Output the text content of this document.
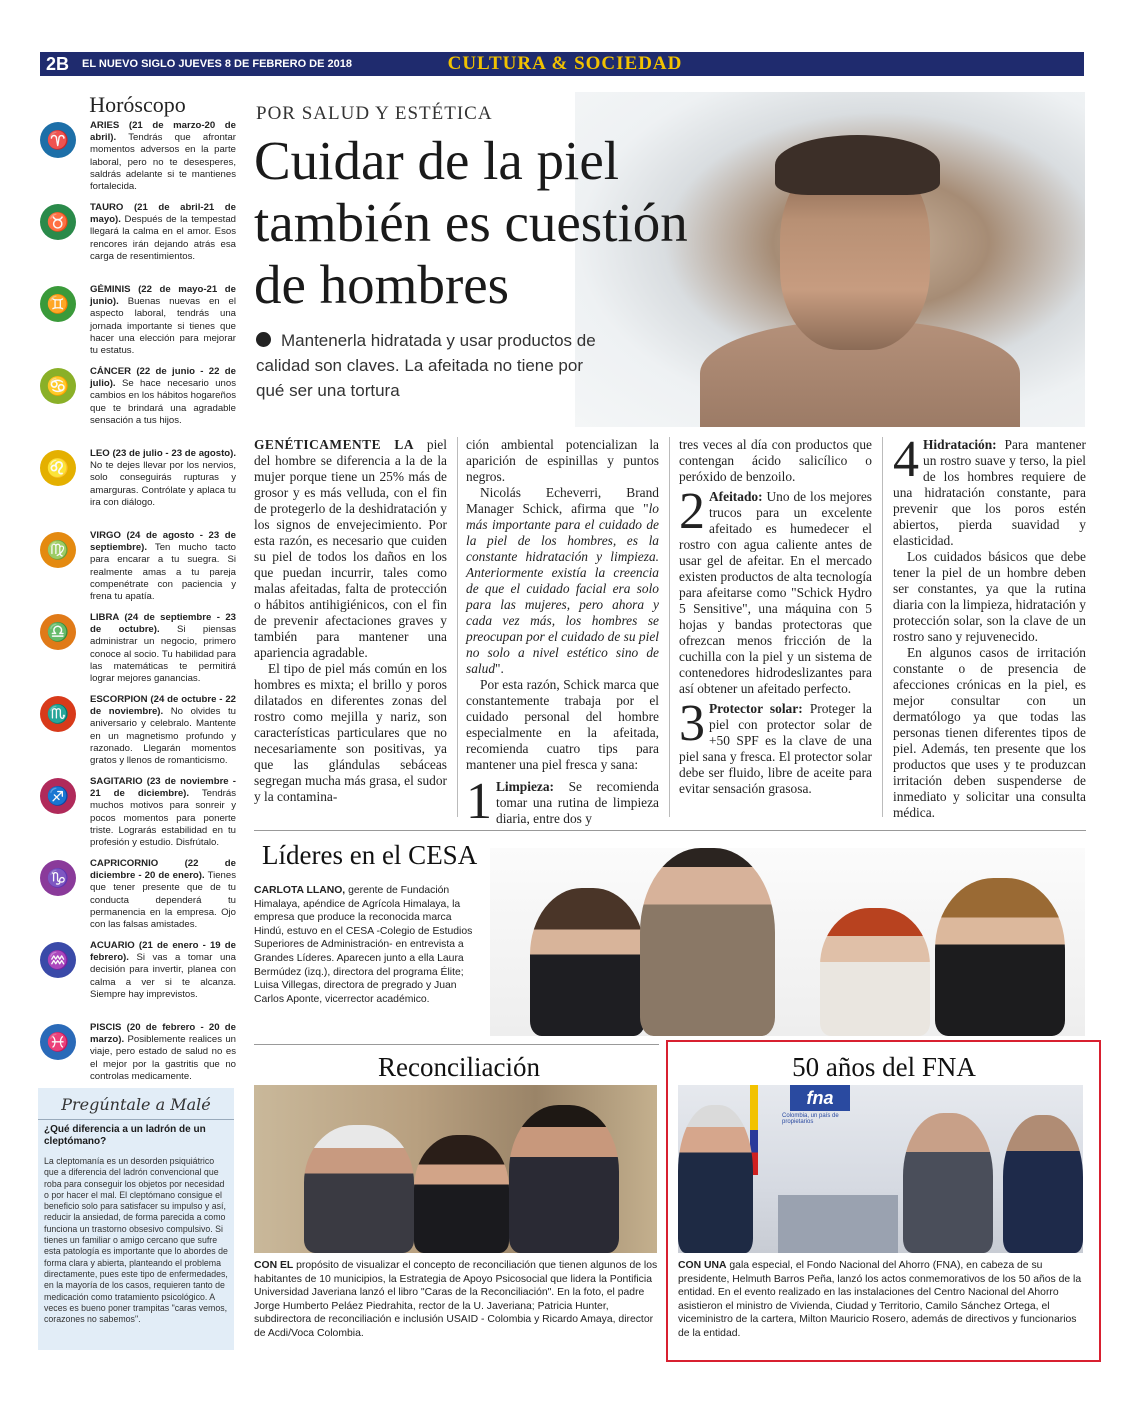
2B EL NUEVO SIGLO JUEVES 8 DE FEBRERO DE 2018	CULTURA & SOCIEDAD
Horóscopo
♈
ARIES (21 de marzo-20 de abril). Tendrás que afrontar momentos adversos en la parte laboral, pero no te desesperes, saldrás adelante si te mantienes fortalecida.
♉
TAURO (21 de abril-21 de mayo). Después de la tempestad llegará la calma en el amor. Esos rencores irán dejando atrás esa carga de resentimientos.
♊
GÉMINIS (22 de mayo-21 de junio). Buenas nuevas en el aspecto laboral, tendrás una jornada importante si tienes que hacer una elección para mejorar tu estatus.
♋
CÁNCER (22 de junio - 22 de julio). Se hace necesario unos cambios en los hábitos hogareños que te brindará una agradable sensación a tus hijos.
♌
LEO (23 de julio - 23 de agosto). No te dejes llevar por los nervios, solo conseguirás rupturas y amarguras. Contrólate y aplaca tu ira con diálogo.
♍
VIRGO (24 de agosto - 23 de septiembre). Ten mucho tacto para encarar a tu suegra. Si realmente amas a tu pareja compenétrate con paciencia y frena tu apatía.
♎
LIBRA (24 de septiembre - 23 de octubre). Si piensas administrar un negocio, primero conoce al socio. Tu habilidad para las matemáticas te permitirá lograr mejores ganancias.
♏
ESCORPION (24 de octubre - 22 de noviembre). No olvides tu aniversario y celebralo. Mantente en un magnetismo profundo y razonado. Llegarán momentos gratos y llenos de romanticismo.
♐
SAGITARIO (23 de noviembre - 21 de diciembre). Tendrás muchos motivos para sonreir y pocos momentos para ponerte triste. Lograrás estabilidad en tu profesión y estudio. Disfrútalo.
♑
CAPRICORNIO (22 de diciembre - 20 de enero). Tienes que tener presente que de tu conducta dependerá tu permanencia en la empresa. Ojo con las falsas amistades.
♒
ACUARIO (21 de enero - 19 de febrero). Si vas a tomar una decisión para invertir, planea con calma a ver si te alcanza. Siempre hay imprevistos.
♓
PISCIS (20 de febrero - 20 de marzo). Posiblemente realices un viaje, pero estado de salud no es el mejor por la gastritis que no controlas medicamente.
Pregúntale a Malé
¿Qué diferencia a un ladrón de un cleptómano?
La cleptomanía es un desorden psiquiátrico que a diferencia del ladrón convencional que roba para conseguir los objetos por necesidad o por hacer el mal. El cleptómano consigue el beneficio solo para satisfacer su impulso y así, reducir la ansiedad, de forma parecida a como funciona un trastorno obsesivo compulsivo. Si tienes un familiar o amigo cercano que sufre esta patología es importante que lo abordes de forma clara y abierta, planteando el problema directamente, pues este tipo de enfermedades, en la mayoría de los casos, requieren tanto de medicación como tratamiento psicológico. A veces es bueno poner trampitas "caras vemos, corazones no sabemos".
POR SALUD Y ESTÉTICA
Cuidar de la piel también es cuestión de hombres
Mantenerla hidratada y usar productos de calidad son claves. La afeitada no tiene por qué ser una tortura

GENÉTICAMENTE LA piel del hombre se diferencia a la de la mujer porque tiene un 25% más de grosor y es más velluda, con el fin de protegerlo de la deshidratación y los signos de envejecimiento. Por esta razón, es necesario que cuiden su piel de todos los daños en los que puedan incurrir, tales como malas afeitadas, falta de protección o hábitos antihigiénicos, con el fin de prevenir afectaciones graves y también para mantener una apariencia agradable.

El tipo de piel más común en los hombres es mixta; el brillo y poros dilatados en diferentes zonas del rostro como mejilla y nariz, son características particulares que no necesariamente son positivas, ya que las glándulas sebáceas segregan mucha más grasa, el sudor y la contamina-

ción ambiental potencializan la aparición de espinillas y puntos negros.

Nicolás Echeverri, Brand Manager Schick, afirma que "lo más importante para el cuidado de la piel de los hombres, es la constante hidratación y limpieza. Anteriormente existía la creencia de que el cuidado facial era solo para las mujeres, pero ahora y cada vez más, los hombres se preocupan por el cuidado de su piel no solo a nivel estético sino de salud".

Por esta razón, Schick marca que constantemente trabaja por el cuidado personal del hombre especialmente en la afeitada, recomienda cuatro tips para mantener una piel fresca y sana:

1 Limpieza: Se recomienda tomar una rutina de limpieza diaria, entre dos y

tres veces al día con productos que contengan ácido salicílico o peróxido de benzoilo.

2 Afeitado: Uno de los mejores trucos para un excelente afeitado es humedecer el rostro con agua caliente antes de usar gel de afeitar. En el mercado existen productos de alta tecnología para afeitarse como "Schick Hydro 5 Sensitive", una máquina con 5 hojas y bandas protectoras que ofrezcan menos fricción de la cuchilla con la piel y un sistema de contenedores hidrodeslizantes para así obtener un afeitado perfecto.

3 Protector solar: Proteger la piel con protector solar de +50 SPF es la clave de una piel sana y fresca. El protector solar debe ser fluido, libre de aceite para evitar sensación grasosa.

4 Hidratación: Para mantener un rostro suave y terso, la piel de los hombres requiere de una hidratación constante, para prevenir que los poros estén abiertos, pierda suavidad y elasticidad.

Los cuidados básicos que debe tener la piel de un hombre deben ser constantes, ya que la rutina diaria con la limpieza, hidratación y protección solar, son la clave de un rostro sano y rejuvenecido.

En algunos casos de irritación constante o de presencia de afecciones crónicas en la piel, es mejor consultar con un dermatólogo ya que todas las personas tienen diferentes tipos de piel. Además, ten presente que los productos que uses y te produzcan irritación deben suspenderse de inmediato y solicitar una consulta médica.

Líderes en el CESA
CARLOTA LLANO, gerente de Fundación Himalaya, apéndice de Agrícola Himalaya, la empresa que produce la reconocida marca Hindú, estuvo en el CESA -Colegio de Estudios Superiores de Administración- en entrevista a Grandes Líderes. Aparecen junto a ella Laura Bermúdez (izq.), directora del programa Élite; Luisa Villegas, directora de pregrado y Juan Carlos Aponte, vicerrector académico.
Reconciliación
CON EL propósito de visualizar el concepto de reconciliación que tienen algunos de los habitantes de 10 municipios, la Estrategia de Apoyo Psicosocial que lidera la Pontificia Universidad Javeriana lanzó el libro "Caras de la Reconciliación". En la foto, el padre Jorge Humberto Peláez Piedrahita, rector de la U. Javeriana; Patricia Hunter, subdirectora de reconciliación e inclusión USAID - Colombia y Ricardo Amaya, director de Acdi/Voca Colombia.
50 años del FNA
fna
Colombia, un país de propietarios
CON UNA gala especial, el Fondo Nacional del Ahorro (FNA), en cabeza de su presidente, Helmuth Barros Peña, lanzó los actos conmemorativos de los 50 años de la entidad. En el evento realizado en las instalaciones del Centro Nacional del Ahorro asistieron el ministro de Vivienda, Ciudad y Territorio, Camilo Sánchez Ortega, el viceministro de la cartera, Milton Mauricio Rosero, además de directivos y funcionarios de la entidad.
